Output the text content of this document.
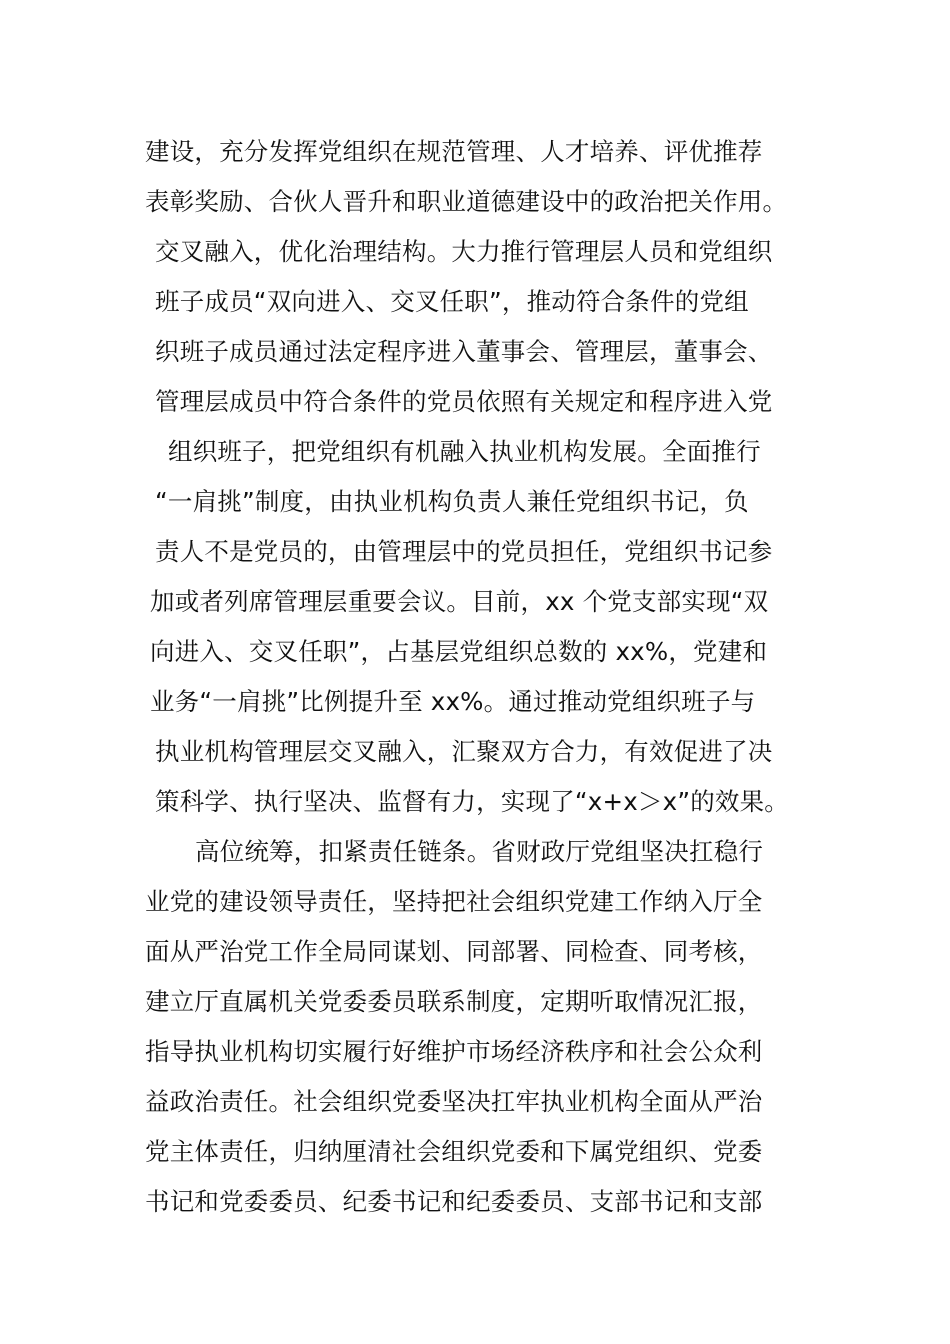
建设，充分发挥党组织在规范管理、人才培养、评优推荐
表彰奖励、合伙人晋升和职业道德建设中的政治把关作用。
交叉融入，优化治理结构。大力推行管理层人员和党组织
班子成员“双向进入、交叉任职”，推动符合条件的党组
织班子成员通过法定程序进入董事会、管理层，董事会、
管理层成员中符合条件的党员依照有关规定和程序进入党
组织班子，把党组织有机融入执业机构发展。全面推行
“一肩挑”制度，由执业机构负责人兼任党组织书记，负
责人不是党员的，由管理层中的党员担任，党组织书记参
加或者列席管理层重要会议。目前，xx 个党支部实现“双
向进入、交叉任职”，占基层党组织总数的 xx%，党建和
业务“一肩挑”比例提升至 xx%。通过推动党组织班子与
执业机构管理层交叉融入，汇聚双方合力，有效促进了决
策科学、执行坚决、监督有力，实现了“x+x＞x”的效果。
高位统筹，扣紧责任链条。省财政厅党组坚决扛稳行
业党的建设领导责任，坚持把社会组织党建工作纳入厅全
面从严治党工作全局同谋划、同部署、同检查、同考核，
建立厅直属机关党委委员联系制度，定期听取情况汇报，
指导执业机构切实履行好维护市场经济秩序和社会公众利
益政治责任。社会组织党委坚决扛牢执业机构全面从严治
党主体责任，归纳厘清社会组织党委和下属党组织、党委
书记和党委委员、纪委书记和纪委委员、支部书记和支部
